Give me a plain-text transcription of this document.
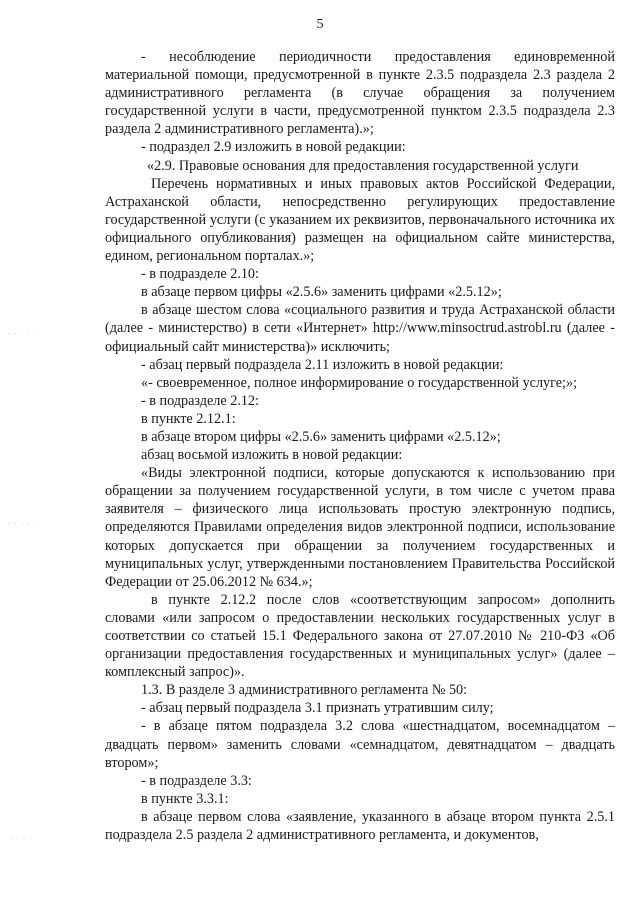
5
· · · · ·
· · · · ·
· · · ·

- несоблюдение периодичности предоставления единовременной материальной помощи, предусмотренной в пункте 2.3.5 подраздела 2.3 раздела 2 административного регламента (в случае обращения за получением государственной услуги в части, предусмотренной пунктом 2.3.5 подраздела 2.3 раздела 2 административного регламента).»;

- подраздел 2.9 изложить в новой редакции:

«2.9. Правовые основания для предоставления государственной услуги

Перечень нормативных и иных правовых актов Российской Федерации, Астраханской области, непосредственно регулирующих предоставление государственной услуги (с указанием их реквизитов, первоначального источника их официального опубликования) размещен на официальном сайте министерства, едином, региональном порталах.»;

- в подразделе 2.10:

в абзаце первом цифры «2.5.6» заменить цифрами «2.5.12»;

в абзаце шестом слова «социального развития и труда Астраханской области (далее - министерство) в сети «Интернет» http://www.minsoctrud.astrobl.ru (далее - официальный сайт министерства)» исключить;

- абзац первый подраздела 2.11 изложить в новой редакции:

«- своевременное, полное информирование о государственной услуге;»;

- в подразделе 2.12:

в пункте 2.12.1:

в абзаце втором цифры «2.5.6» заменить цифрами «2.5.12»;

абзац восьмой изложить в новой редакции:

«Виды электронной подписи, которые допускаются к использованию при обращении за получением государственной услуги, в том числе с учетом права заявителя – физического лица использовать простую электронную подпись, определяются Правилами определения видов электронной подписи, использование которых допускается при обращении за получением государственных и муниципальных услуг, утвержденными постановлением Правительства Российской Федерации от 25.06.2012 № 634.»;

в пункте 2.12.2 после слов «соответствующим запросом» дополнить словами «или запросом о предоставлении нескольких государственных услуг в соответствии со статьей 15.1 Федерального закона от 27.07.2010 № 210-ФЗ «Об организации предоставления государственных и муниципальных услуг» (далее – комплексный запрос)».

1.3. В разделе 3 административного регламента № 50:

- абзац первый подраздела 3.1 признать утратившим силу;

- в абзаце пятом подраздела 3.2 слова «шестнадцатом, восемнадцатом – двадцать первом» заменить словами «семнадцатом, девятнадцатом – двадцать втором»;

- в подразделе 3.3:

в пункте 3.3.1:

в абзаце первом слова «заявление, указанного в абзаце втором пункта 2.5.1 подраздела 2.5 раздела 2 административного регламента, и документов,
